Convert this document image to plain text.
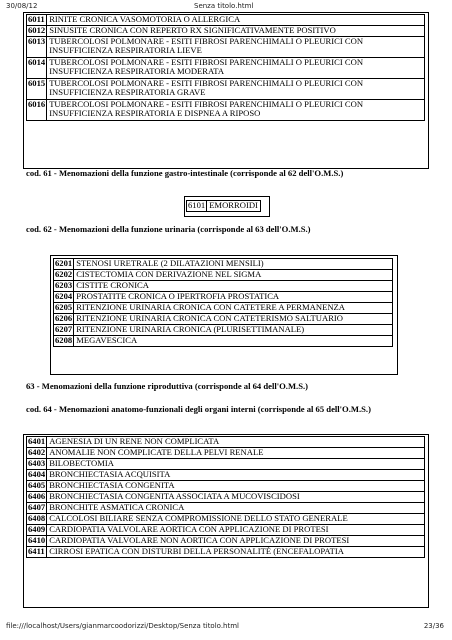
30/08/12	Senza titolo.html
6011	RINITE CRONICA VASOMOTORIA O ALLERGICA
6012	SINUSITE CRONICA CON REPERTO RX SIGNIFICATIVAMENTE POSITIVO
6013	TUBERCOLOSI POLMONARE - ESITI FIBROSI PARENCHIMALI O PLEURICI CON
INSUFFICIENZA RESPIRATORIA LIEVE
6014	TUBERCOLOSI POLMONARE - ESITI FIBROSI PARENCHIMALI O PLEURICI CON
INSUFFICIENZA RESPIRATORIA MODERATA
6015	TUBERCOLOSI POLMONARE - ESITI FIBROSI PARENCHIMALI O PLEURICI CON
INSUFFICIENZA RESPIRATORIA GRAVE
6016	TUBERCOLOSI POLMONARE - ESITI FIBROSI PARENCHIMALI O PLEURICI CON
INSUFFICIENZA RESPIRATORIA E DISPNEA A RIPOSO
cod. 61 - Menomazioni della funzione gastro-intestinale (corrisponde al 62 dell'O.M.S.)
6101	EMORROIDI
cod. 62 - Menomazioni della funzione urinaria (corrisponde al 63 dell'O.M.S.)
6201	STENOSI URETRALE (2 DILATAZIONI MENSILI)
6202	CISTECTOMIA CON DERIVAZIONE NEL SIGMA
6203	CISTITE CRONICA
6204	PROSTATITE CRONICA O IPERTROFIA PROSTATICA
6205	RITENZIONE URINARIA CRONICA CON CATETERE A PERMANENZA
6206	RITENZIONE URINARIA CRONICA CON CATETERISMO SALTUARIO
6207	RITENZIONE URINARIA CRONICA (PLURISETTIMANALE)
6208	MEGAVESCICA
63 - Menomazioni della funzione riproduttiva (corrisponde al 64 dell'O.M.S.)
cod. 64 - Menomazioni anatomo-funzionali degli organi interni (corrisponde al 65 dell'O.M.S.)
6401	AGENESIA DI UN RENE NON COMPLICATA
6402	ANOMALIE NON COMPLICATE DELLA PELVI RENALE
6403	BILOBECTOMIA
6404	BRONCHIECTASIA ACQUISITA
6405	BRONCHIECTASIA CONGENITA
6406	BRONCHIECTASIA CONGENITA ASSOCIATA A MUCOVISCIDOSI
6407	BRONCHITE ASMATICA CRONICA
6408	CALCOLOSI BILIARE SENZA COMPROMISSIONE DELLO STATO GENERALE
6409	CARDIOPATIA VALVOLARE AORTICA CON APPLICAZIONE DI PROTESI
6410	CARDIOPATIA VALVOLARE NON AORTICA CON APPLICAZIONE DI PROTESI
6411	CIRROSI EPATICA CON DISTURBI DELLA PERSONALITÉ (ENCEFALOPATIA
file:///localhost/Users/gianmarcoodorizzi/Desktop/Senza titolo.html	23/36
